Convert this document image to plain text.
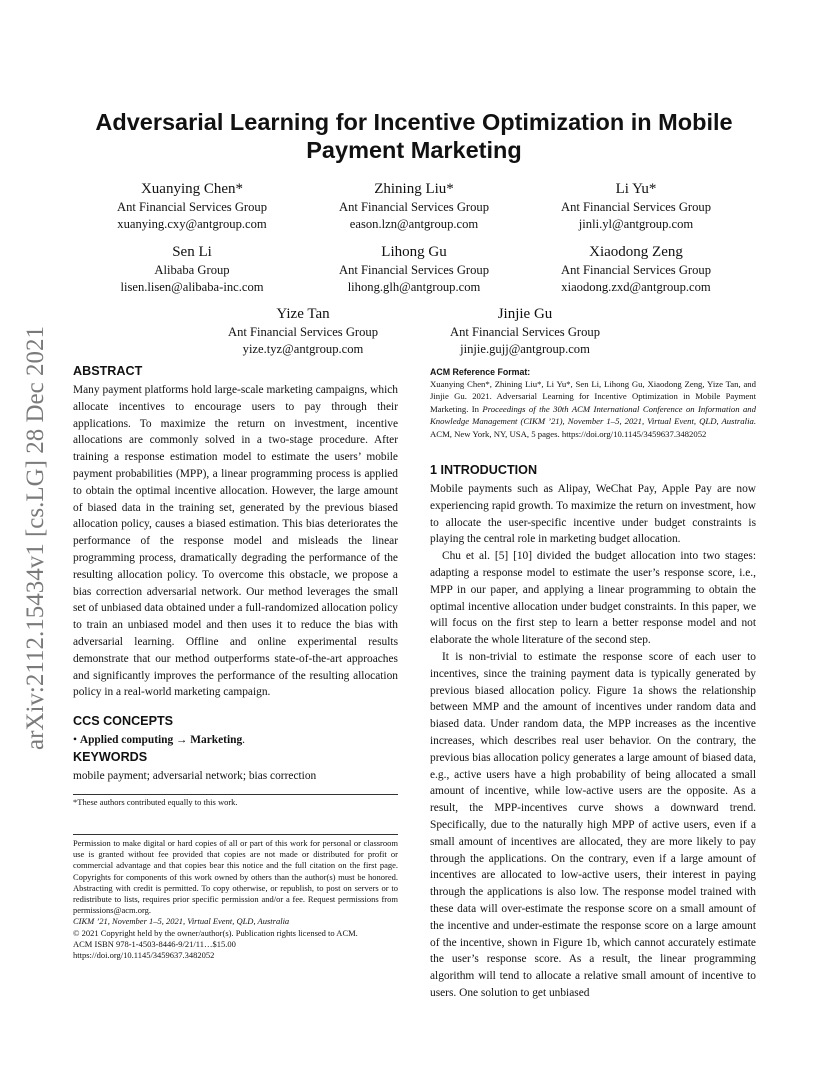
Adversarial Learning for Incentive Optimization in Mobile Payment Marketing
Xuanying Chen*
Ant Financial Services Group
xuanying.cxy@antgroup.com
Zhining Liu*
Ant Financial Services Group
eason.lzn@antgroup.com
Li Yu*
Ant Financial Services Group
jinli.yl@antgroup.com
Sen Li
Alibaba Group
lisen.lisen@alibaba-inc.com
Lihong Gu
Ant Financial Services Group
lihong.glh@antgroup.com
Xiaodong Zeng
Ant Financial Services Group
xiaodong.zxd@antgroup.com
Yize Tan
Ant Financial Services Group
yize.tyz@antgroup.com
Jinjie Gu
Ant Financial Services Group
jinjie.gujj@antgroup.com
arXiv:2112.15434v1 [cs.LG] 28 Dec 2021 ABSTRACT

Many payment platforms hold large-scale marketing campaigns, which allocate incentives to encourage users to pay through their applications. To maximize the return on investment, incentive allocations are commonly solved in a two-stage procedure. After training a response estimation model to estimate the users’ mobile payment probabilities (MPP), a linear programming process is applied to obtain the optimal incentive allocation. However, the large amount of biased data in the training set, generated by the previous biased allocation policy, causes a biased estimation. This bias deteriorates the performance of the response model and misleads the linear programming process, dramatically degrading the performance of the resulting allocation policy. To overcome this obstacle, we propose a bias correction adversarial network. Our method leverages the small set of unbiased data obtained under a full-randomized allocation policy to train an unbiased model and then uses it to reduce the bias with adversarial learning. Offline and online experimental results demonstrate that our method outperforms state-of-the-art approaches and significantly improves the performance of the resulting allocation policy in a real-world marketing campaign.

CCS CONCEPTS

• Applied computing → Marketing.

KEYWORDS

mobile payment; adversarial network; bias correction

*These authors contributed equally to this work.
Permission to make digital or hard copies of all or part of this work for personal or classroom use is granted without fee provided that copies are not made or distributed for profit or commercial advantage and that copies bear this notice and the full citation on the first page. Copyrights for components of this work owned by others than the author(s) must be honored. Abstracting with credit is permitted. To copy otherwise, or republish, to post on servers or to redistribute to lists, requires prior specific permission and/or a fee. Request permissions from permissions@acm.org.
CIKM ’21, November 1–5, 2021, Virtual Event, QLD, Australia
© 2021 Copyright held by the owner/author(s). Publication rights licensed to ACM.
ACM ISBN 978-1-4503-8446-9/21/11…$15.00
https://doi.org/10.1145/3459637.3482052
ACM Reference Format:

Xuanying Chen*, Zhining Liu*, Li Yu*, Sen Li, Lihong Gu, Xiaodong Zeng, Yize Tan, and Jinjie Gu. 2021. Adversarial Learning for Incentive Optimization in Mobile Payment Marketing. In Proceedings of the 30th ACM International Conference on Information and Knowledge Management (CIKM ’21), November 1–5, 2021, Virtual Event, QLD, Australia. ACM, New York, NY, USA, 5 pages. https://doi.org/10.1145/3459637.3482052

1 INTRODUCTION

Mobile payments such as Alipay, WeChat Pay, Apple Pay are now experiencing rapid growth. To maximize the return on investment, how to allocate the user-specific incentive under budget constraints is playing the central role in marketing budget allocation.

Chu et al. [5] [10] divided the budget allocation into two stages: adapting a response model to estimate the user’s response score, i.e., MPP in our paper, and applying a linear programming to obtain the optimal incentive allocation under budget constraints. In this paper, we will focus on the first step to learn a better response model and not elaborate the whole literature of the second step.

It is non-trivial to estimate the response score of each user to incentives, since the training payment data is typically generated by previous biased allocation policy. Figure 1a shows the relationship between MMP and the amount of incentives under random data and biased data. Under random data, the MPP increases as the incentive increases, which describes real user behavior. On the contrary, the previous bias allocation policy generates a large amount of biased data, e.g., active users have a high probability of being allocated a small amount of incentive, while low-active users are the opposite. As a result, the MPP-incentives curve shows a downward trend. Specifically, due to the naturally high MPP of active users, even if a small amount of incentives are allocated, they are more likely to pay through the applications. On the contrary, even if a large amount of incentives are allocated to low-active users, their interest in paying through the applications is also low. The response model trained with these data will over-estimate the response score on a small amount of the incentive and under-estimate the response score on a large amount of the incentive, shown in Figure 1b, which cannot accurately estimate the user’s response score. As a result, the linear programming algorithm will tend to allocate a relative small amount of incentive to users. One solution to get unbiased
